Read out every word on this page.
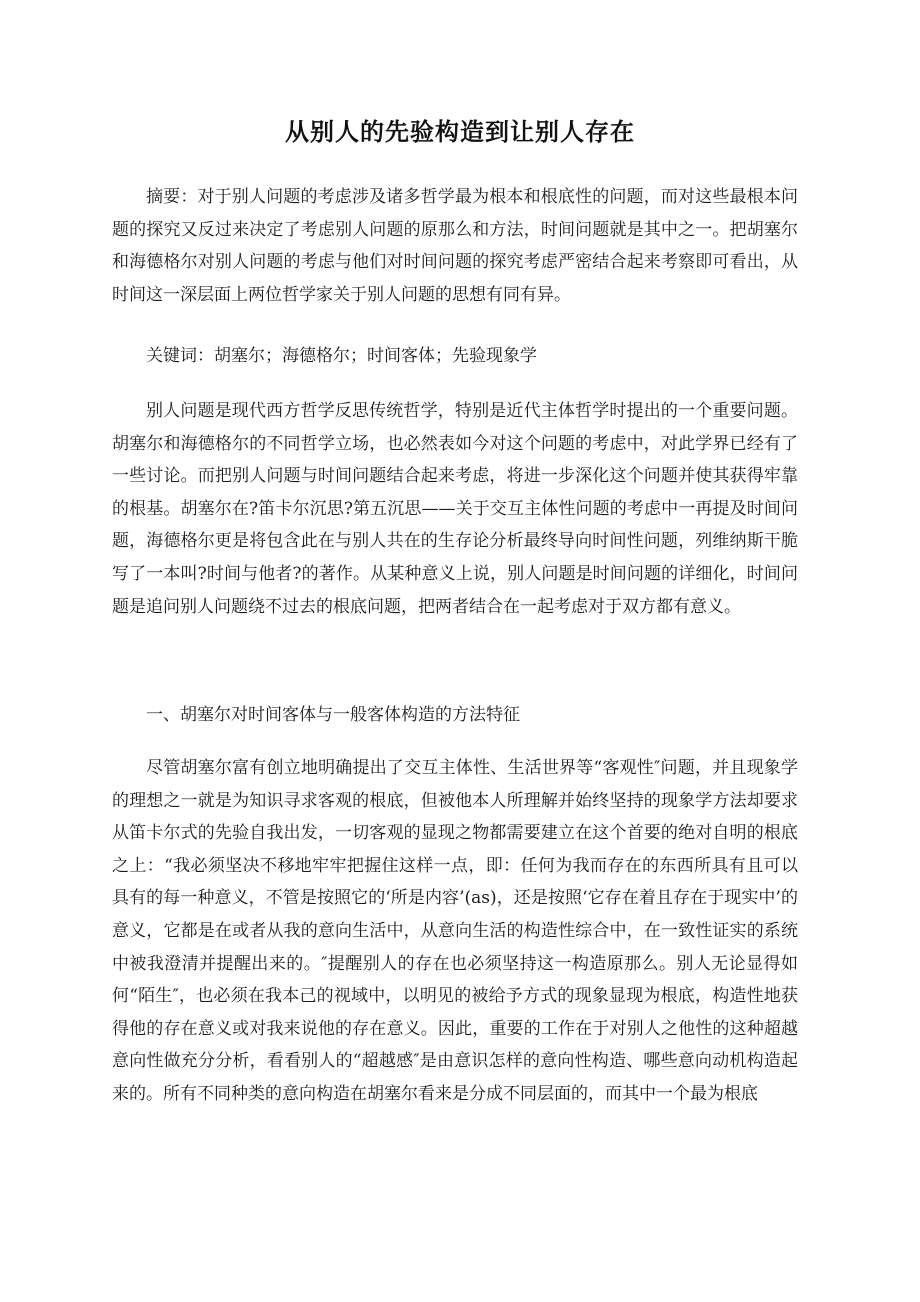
从别人的先验构造到让别人存在

摘要：对于别人问题的考虑涉及诸多哲学最为根本和根底性的问题，而对这些最根本问题的探究又反过来决定了考虑别人问题的原那么和方法，时间问题就是其中之一。把胡塞尔和海德格尔对别人问题的考虑与他们对时间问题的探究考虑严密结合起来考察即可看出，从时间这一深层面上两位哲学家关于别人问题的思想有同有异。

关键词：胡塞尔；海德格尔；时间客体；先验现象学

别人问题是现代西方哲学反思传统哲学，特别是近代主体哲学时提出的一个重要问题。胡塞尔和海德格尔的不同哲学立场，也必然表如今对这个问题的考虑中，对此学界已经有了一些讨论。而把别人问题与时间问题结合起来考虑，将进一步深化这个问题并使其获得牢靠的根基。胡塞尔在?笛卡尔沉思?第五沉思——关于交互主体性问题的考虑中一再提及时间问题，海德格尔更是将包含此在与别人共在的生存论分析最终导向时间性问题，列维纳斯干脆写了一本叫?时间与他者?的著作。从某种意义上说，别人问题是时间问题的详细化，时间问题是追问别人问题绕不过去的根底问题，把两者结合在一起考虑对于双方都有意义。

一、胡塞尔对时间客体与一般客体构造的方法特征

尽管胡塞尔富有创立地明确提出了交互主体性、生活世界等“客观性″问题，并且现象学的理想之一就是为知识寻求客观的根底，但被他本人所理解并始终坚持的现象学方法却要求从笛卡尔式的先验自我出发，一切客观的显现之物都需要建立在这个首要的绝对自明的根底之上：“我必须坚决不移地牢牢把握住这样一点，即：任何为我而存在的东西所具有且可以具有的每一种意义，不管是按照它的‘所是内容’(as)，还是按照‘它存在着且存在于现实中’的意义，它都是在或者从我的意向生活中，从意向生活的构造性综合中，在一致性证实的系统中被我澄清并提醒出来的。″提醒别人的存在也必须坚持这一构造原那么。别人无论显得如何“陌生″，也必须在我本己的视域中，以明见的被给予方式的现象显现为根底，构造性地获得他的存在意义或对我来说他的存在意义。因此，重要的工作在于对别人之他性的这种超越意向性做充分分析，看看别人的“超越感″是由意识怎样的意向性构造、哪些意向动机构造起来的。所有不同种类的意向构造在胡塞尔看来是分成不同层面的，而其中一个最为根底
